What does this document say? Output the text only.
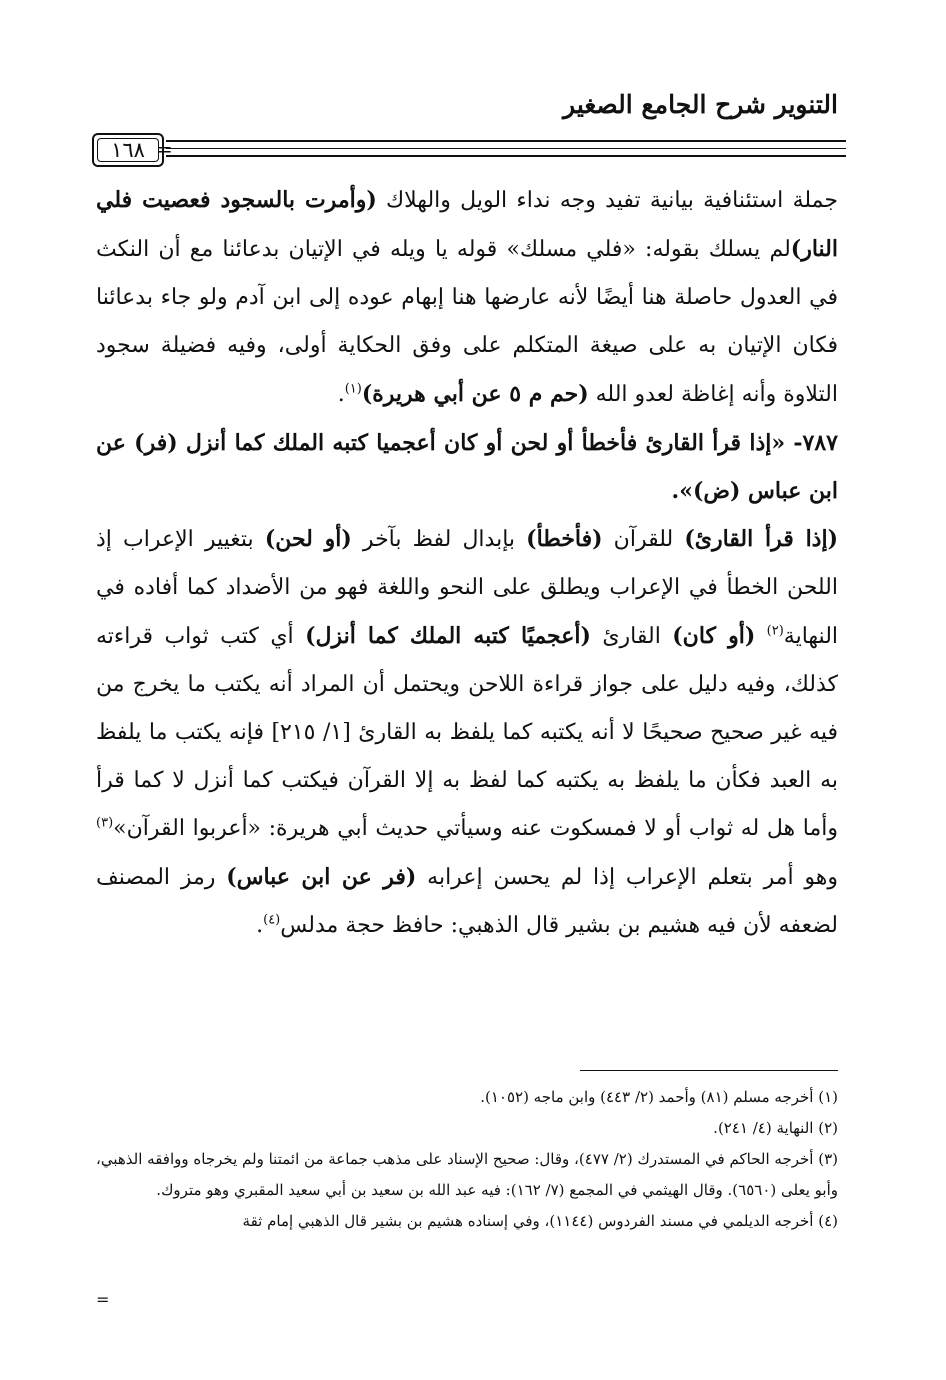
التنوير شرح الجامع الصغير
=
١٦٨

جملة استئنافية بيانية تفيد وجه نداء الويل والهلاك (وأمرت بالسجود فعصيت فلي النار)لم يسلك بقوله: «فلي مسلك» قوله يا ويله في الإتيان بدعائنا مع أن النكث في العدول حاصلة هنا أيضًا لأنه عارضها هنا إبهام عوده إلى ابن آدم ولو جاء بدعائنا فكان الإتيان به على صيغة المتكلم على وفق الحكاية أولى، وفيه فضيلة سجود التلاوة وأنه إغاظة لعدو الله (حم م ٥ عن أبي هريرة)$^{(١)}$.

٧٨٧- «إذا قرأ القارئ فأخطأ أو لحن أو كان أعجميا كتبه الملك كما أنزل (فر) عن ابن عباس (ض)».

(إذا قرأ القارئ) للقرآن (فأخطأ) بإبدال لفظ بآخر (أو لحن) بتغيير الإعراب إذ اللحن الخطأ في الإعراب ويطلق على النحو واللغة فهو من الأضداد كما أفاده في النهاية$^{(٢)}$ (أو كان) القارئ (أعجميًا كتبه الملك كما أنزل) أي كتب ثواب قراءته كذلك، وفيه دليل على جواز قراءة اللاحن ويحتمل أن المراد أنه يكتب ما يخرج من فيه غير صحيح صحيحًا لا أنه يكتبه كما يلفظ به القارئ [١/ ٢١٥] فإنه يكتب ما يلفظ به العبد فكأن ما يلفظ به يكتبه كما لفظ به إلا القرآن فيكتب كما أنزل لا كما قرأ وأما هل له ثواب أو لا فمسكوت عنه وسيأتي حديث أبي هريرة: «أعربوا القرآن»$^{(٣)}$ وهو أمر بتعلم الإعراب إذا لم يحسن إعرابه (فر عن ابن عباس) رمز المصنف لضعفه لأن فيه هشيم بن بشير قال الذهبي: حافظ حجة مدلس$^{(٤)}$.

(١) أخرجه مسلم (٨١) وأحمد (٢/ ٤٤٣) وابن ماجه (١٠٥٢).

(٢) النهاية (٤/ ٢٤١).

(٣) أخرجه الحاكم في المستدرك (٢/ ٤٧٧)، وقال: صحيح الإسناد على مذهب جماعة من ائمتنا ولم يخرجاه ووافقه الذهبي، وأبو يعلى (٦٥٦٠). وقال الهيثمي في المجمع (٧/ ١٦٢): فيه عبد الله بن سعيد بن أبي سعيد المقبري وهو متروك.

(٤) أخرجه الديلمي في مسند الفردوس (١١٤٤)، وفي إسناده هشيم بن بشير قال الذهبي إمام ثقة

=
